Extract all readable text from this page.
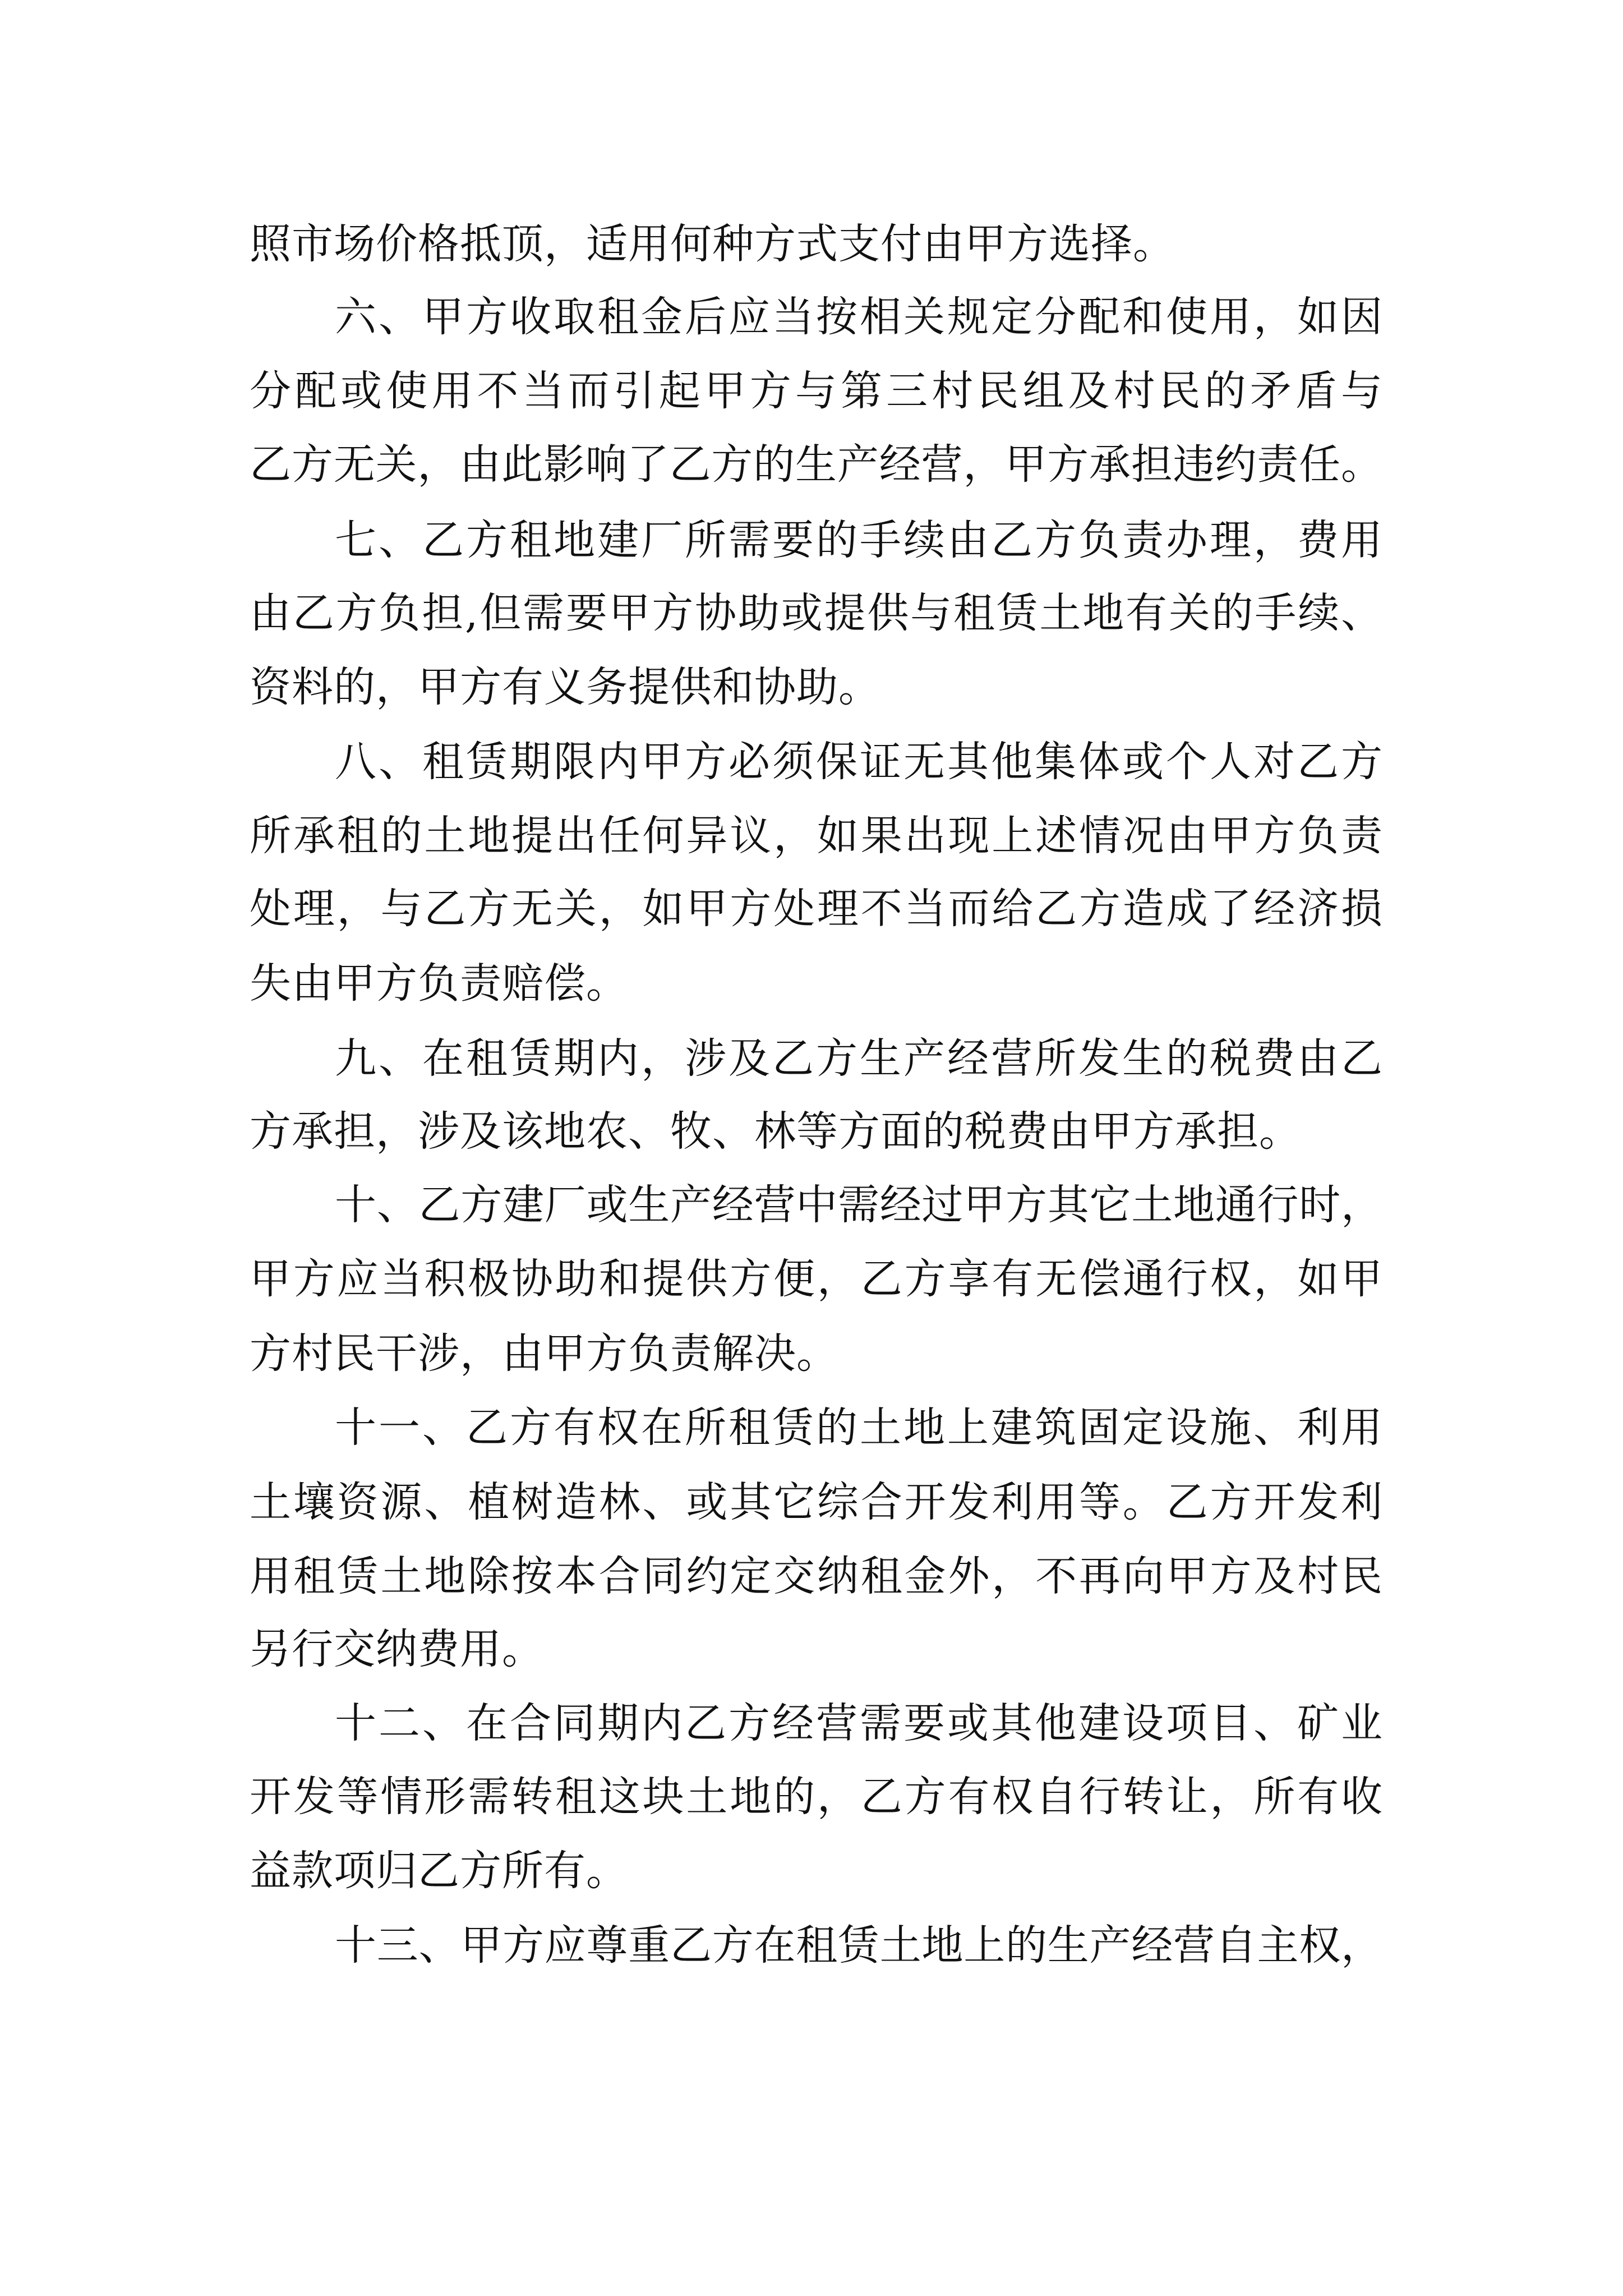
照市场价格抵顶，适用何种方式支付由甲方选择。
六、甲方收取租金后应当按相关规定分配和使用，如因
分配或使用不当而引起甲方与第三村民组及村民的矛盾与
乙方无关，由此影响了乙方的生产经营，甲方承担违约责任。
七、乙方租地建厂所需要的手续由乙方负责办理，费用
由乙方负担,但需要甲方协助或提供与租赁土地有关的手续、
资料的，甲方有义务提供和协助。
八、租赁期限内甲方必须保证无其他集体或个人对乙方
所承租的土地提出任何异议，如果出现上述情况由甲方负责
处理，与乙方无关，如甲方处理不当而给乙方造成了经济损
失由甲方负责赔偿。
九、在租赁期内，涉及乙方生产经营所发生的税费由乙
方承担，涉及该地农、牧、林等方面的税费由甲方承担。
十、乙方建厂或生产经营中需经过甲方其它土地通行时，
甲方应当积极协助和提供方便，乙方享有无偿通行权，如甲
方村民干涉，由甲方负责解决。
十一、乙方有权在所租赁的土地上建筑固定设施、利用
土壤资源、植树造林、或其它综合开发利用等。乙方开发利
用租赁土地除按本合同约定交纳租金外，不再向甲方及村民
另行交纳费用。
十二、在合同期内乙方经营需要或其他建设项目、矿业
开发等情形需转租这块土地的，乙方有权自行转让，所有收
益款项归乙方所有。
十三、甲方应尊重乙方在租赁土地上的生产经营自主权，
